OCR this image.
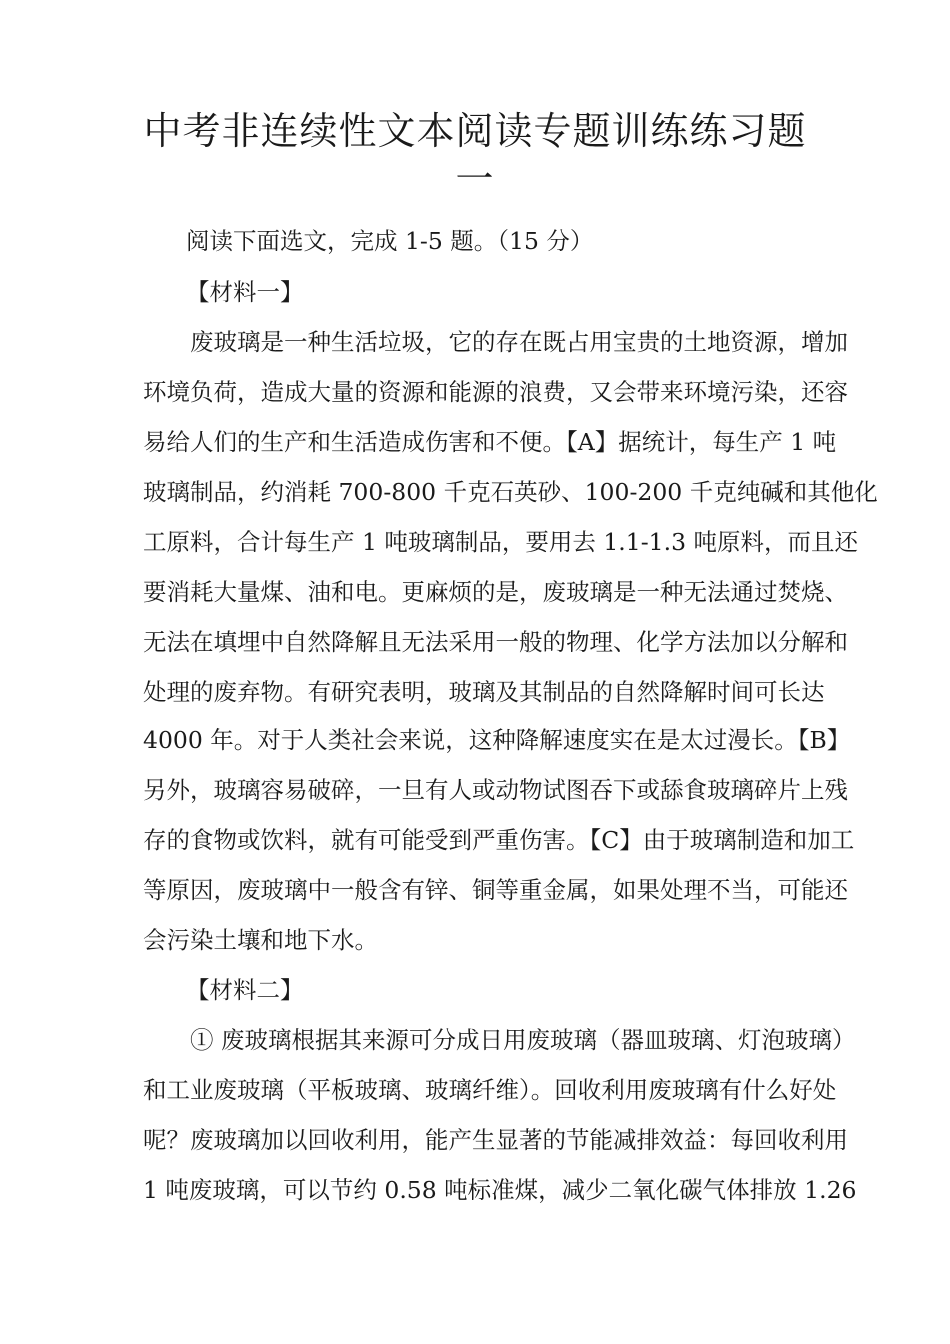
中考非连续性文本阅读专题训练练习题
一
阅读下面选文，完成 1-5 题。（15 分）
【材料一】
废玻璃是一种生活垃圾，它的存在既占用宝贵的土地资源，增加
环境负荷，造成大量的资源和能源的浪费，又会带来环境污染，还容
易给人们的生产和生活造成伤害和不便。【A】据统计，每生产 1 吨
玻璃制品，约消耗 700-800 千克石英砂、100-200 千克纯碱和其他化
工原料，合计每生产 1 吨玻璃制品，要用去 1.1-1.3 吨原料，而且还
要消耗大量煤、油和电。更麻烦的是，废玻璃是一种无法通过焚烧、
无法在填埋中自然降解且无法采用一般的物理、化学方法加以分解和
处理的废弃物。有研究表明，玻璃及其制品的自然降解时间可长达
4000 年。对于人类社会来说，这种降解速度实在是太过漫长。【B】
另外，玻璃容易破碎，一旦有人或动物试图吞下或舔食玻璃碎片上残
存的食物或饮料，就有可能受到严重伤害。【C】由于玻璃制造和加工
等原因，废玻璃中一般含有锌、铜等重金属，如果处理不当，可能还
会污染土壤和地下水。
【材料二】
① 废玻璃根据其来源可分成日用废玻璃（器皿玻璃、灯泡玻璃）
和工业废玻璃（平板玻璃、玻璃纤维）。回收利用废玻璃有什么好处
呢？废玻璃加以回收利用，能产生显著的节能减排效益：每回收利用
1 吨废玻璃，可以节约 0.58 吨标准煤，减少二氧化碳气体排放 1.26
